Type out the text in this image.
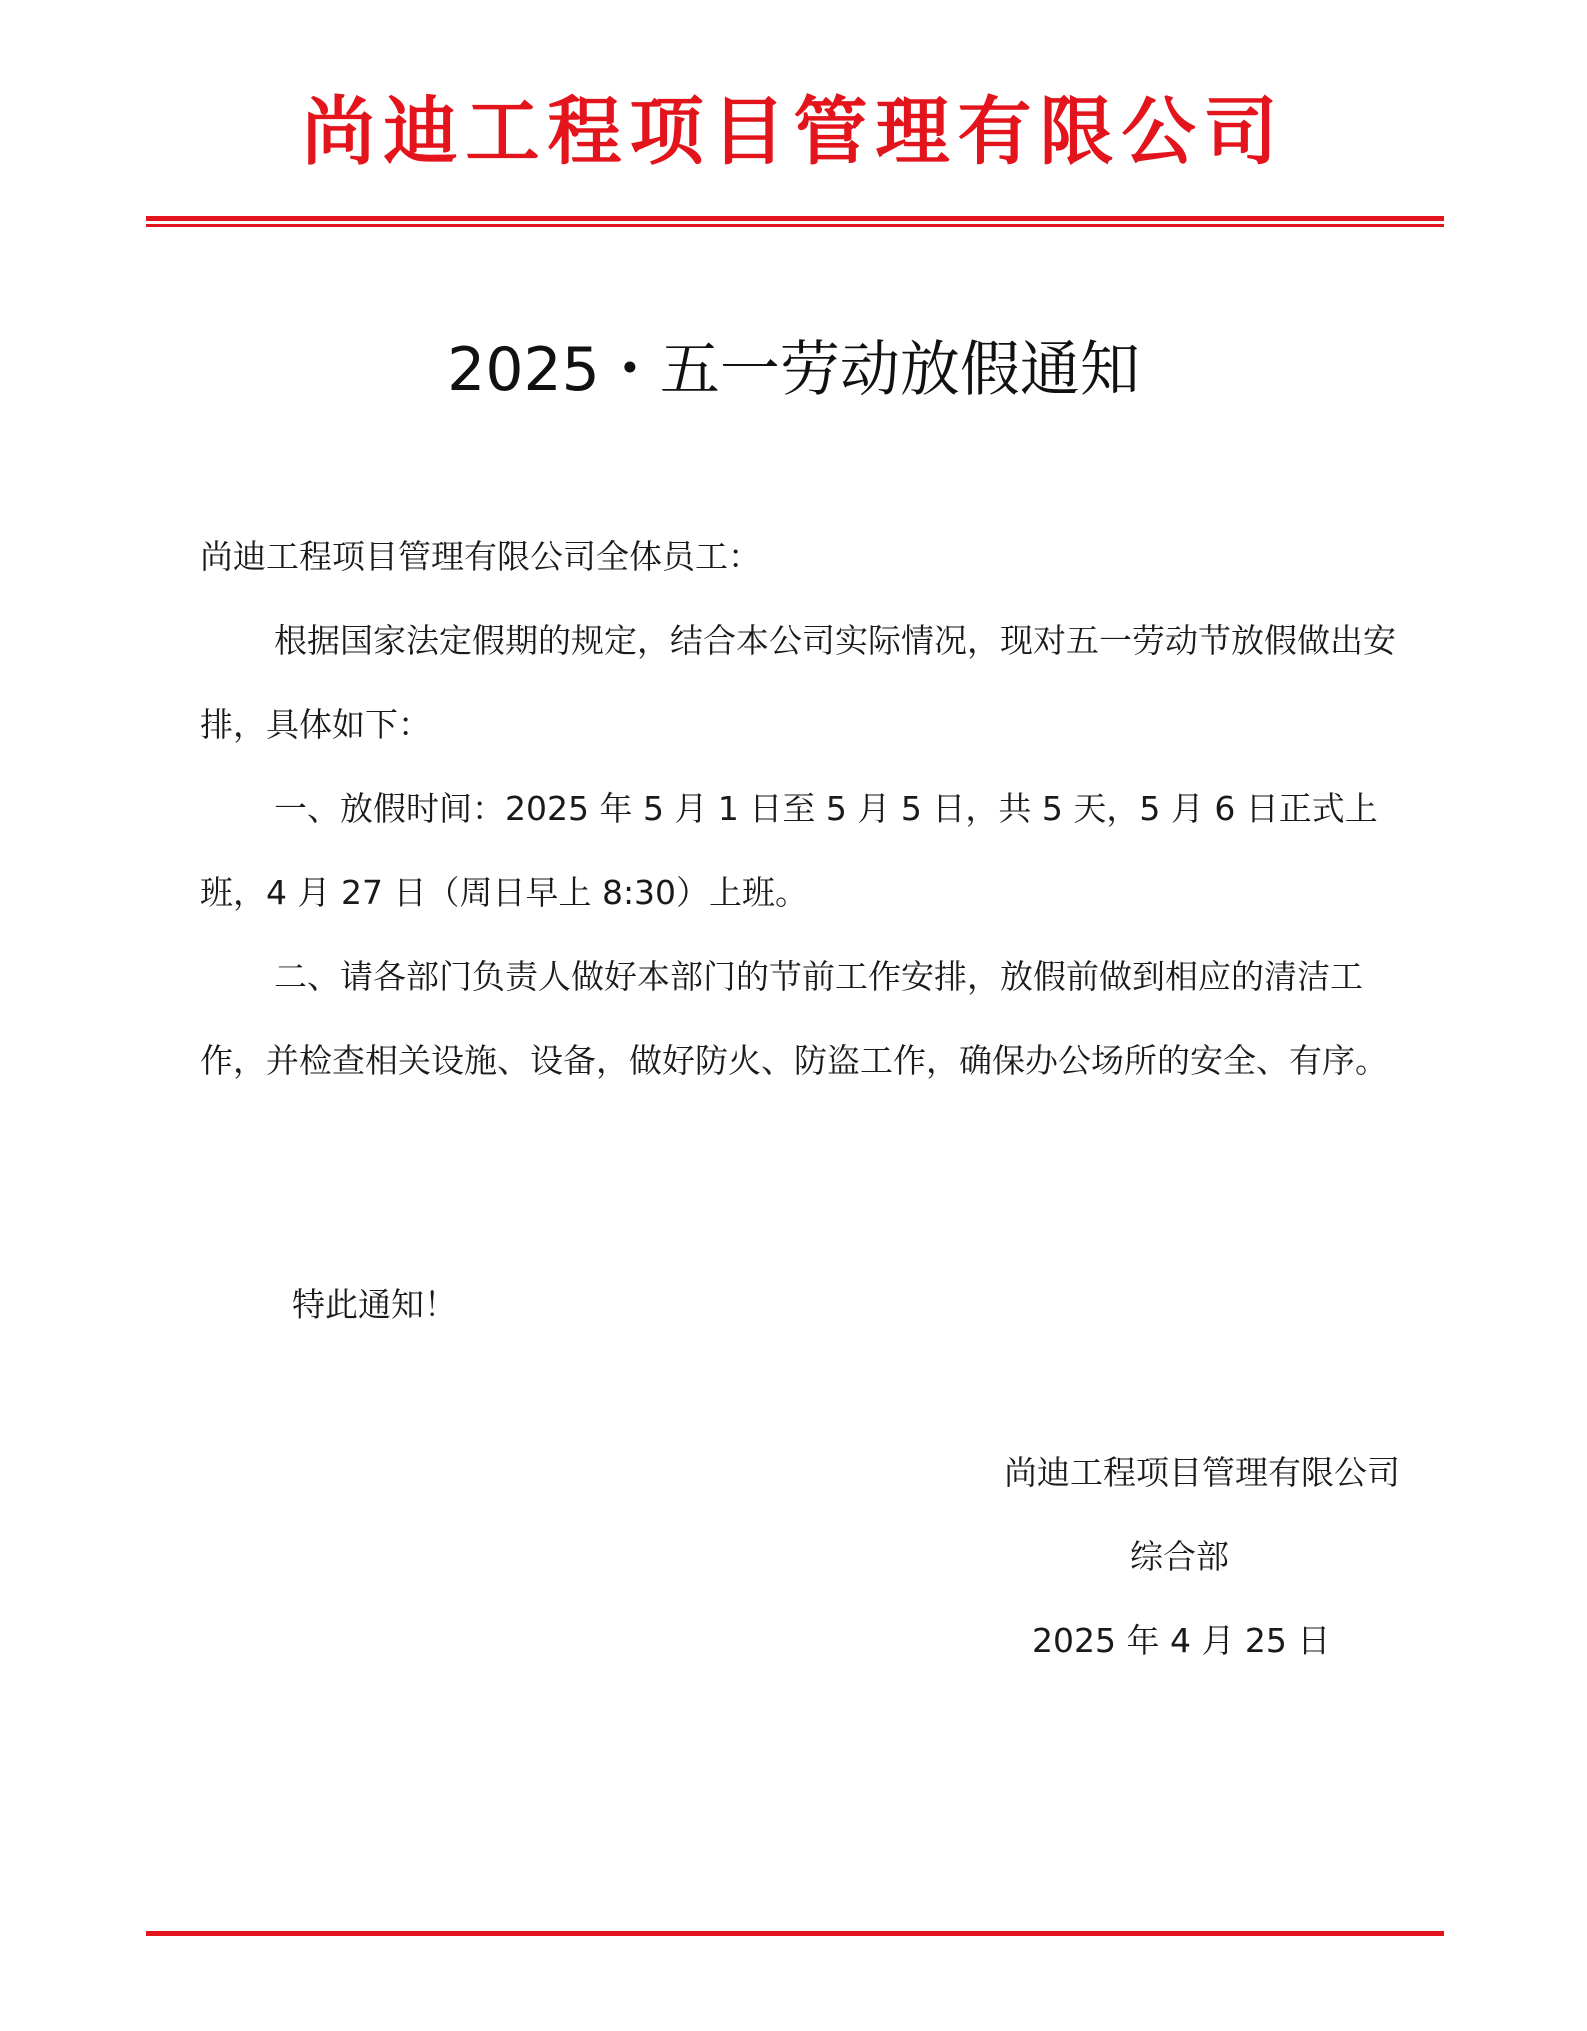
尚迪工程项目管理有限公司
2025・五一劳动放假通知
尚迪工程项目管理有限公司全体员工：
根据国家法定假期的规定，结合本公司实际情况，现对五一劳动节放假做出安排，具体如下：
一、放假时间：2025 年 5 月 1 日至 5 月 5 日，共 5 天，5 月 6 日正式上班，4 月 27 日（周日早上 8:30）上班。
二、请各部门负责人做好本部门的节前工作安排，放假前做到相应的清洁工作，并检查相关设施、设备，做好防火、防盗工作，确保办公场所的安全、有序。
特此通知！
尚迪工程项目管理有限公司
综合部
2025 年 4 月 25 日
